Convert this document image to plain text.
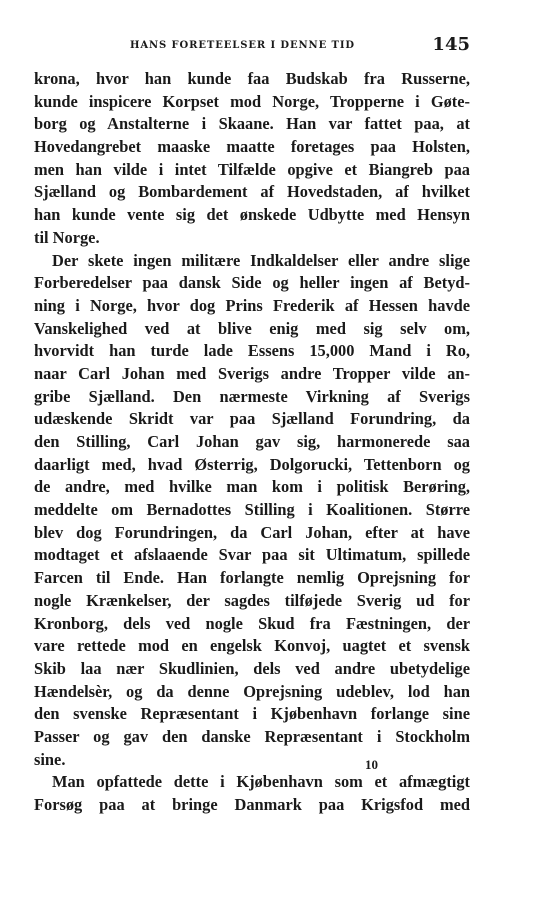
HANS FORETEELSER I DENNE TID	145
krona, hvor han kunde faa Budskab fra Russerne,
kunde inspicere Korpset mod Norge, Tropperne i Gøte-
borg og Anstalterne i Skaane. Han var fattet paa, at
Hovedangrebet maaske maatte foretages paa Holsten,
men han vilde i intet Tilfælde opgive et Biangreb paa
Sjælland og Bombardement af Hovedstaden, af hvilket
han kunde vente sig det ønskede Udbytte med Hensyn
til Norge.
Der skete ingen militære Indkaldelser eller andre slige
Forberedelser paa dansk Side og heller ingen af Betyd-
ning i Norge, hvor dog Prins Frederik af Hessen havde
Vanskelighed ved at blive enig med sig selv om,
hvorvidt han turde lade Essens 15,000 Mand i Ro,
naar Carl Johan med Sverigs andre Tropper vilde an-
gribe Sjælland. Den nærmeste Virkning af Sverigs
udæskende Skridt var paa Sjælland Forundring, da
den Stilling, Carl Johan gav sig, harmonerede saa
daarligt med, hvad Østerrig, Dolgorucki, Tettenborn og
de andre, med hvilke man kom i politisk Berøring,
meddelte om Bernadottes Stilling i Koalitionen. Større
blev dog Forundringen, da Carl Johan, efter at have
modtaget et afslaaende Svar paa sit Ultimatum, spillede
Farcen til Ende. Han forlangte nemlig Oprejsning for
nogle Krænkelser, der sagdes tilføjede Sverig ud for
Kronborg, dels ved nogle Skud fra Fæstningen, der
vare rettede mod en engelsk Konvoj, uagtet et svensk
Skib laa nær Skudlinien, dels ved andre ubetydelige
Hændelsèr, og da denne Oprejsning udeblev, lod han
den svenske Repræsentant i Kjøbenhavn forlange sine
Passer og gav den danske Repræsentant i Stockholm
sine.
Man opfattede dette i Kjøbenhavn som et afmægtigt
Forsøg paa at bringe Danmark paa Krigsfod med
10
